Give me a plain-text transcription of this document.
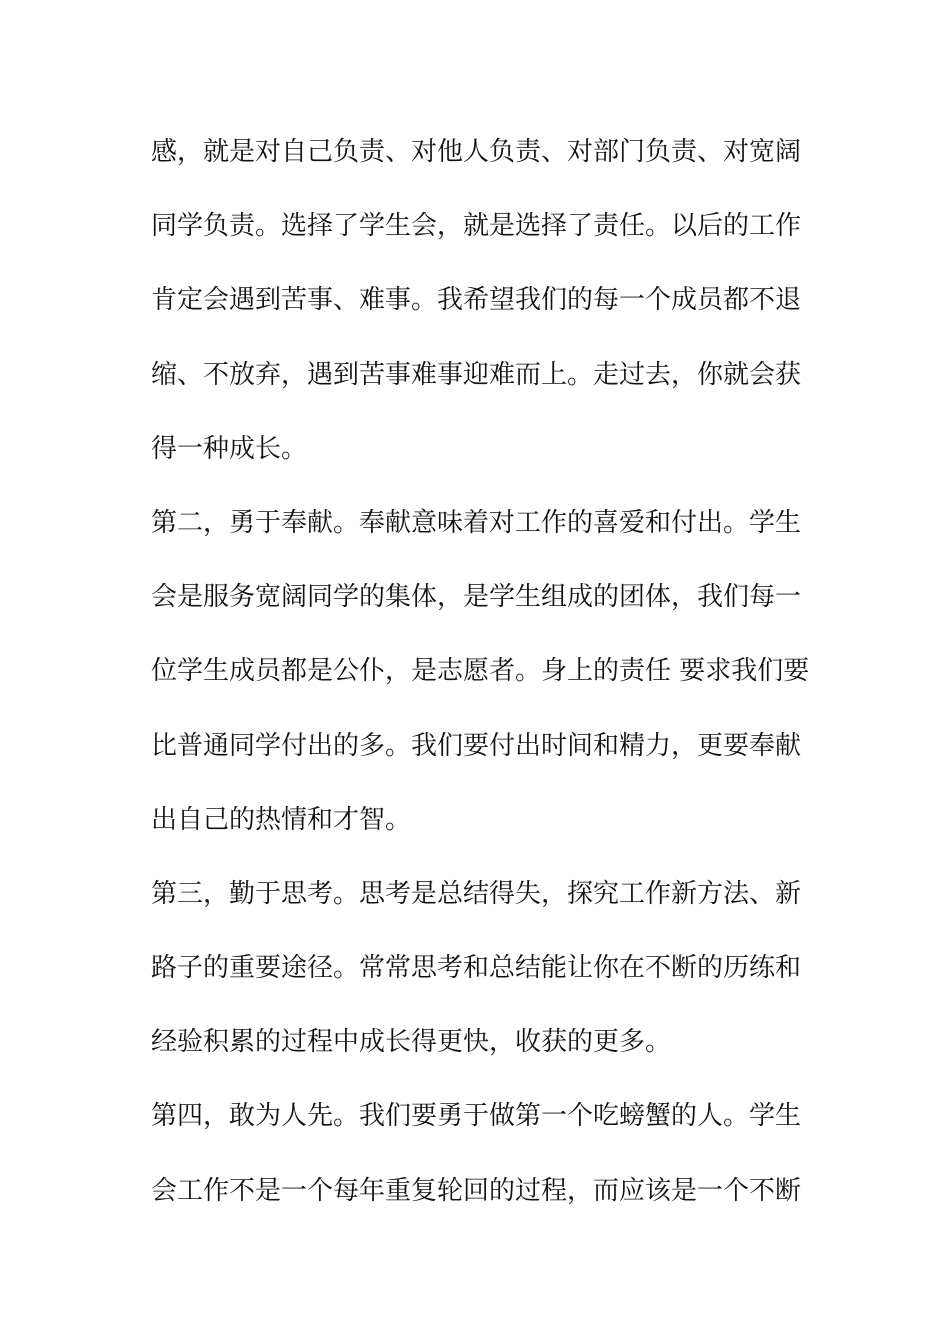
感，就是对自己负责、对他人负责、对部门负责、对宽阔
同学负责。选择了学生会，就是选择了责任。以后的工作
肯定会遇到苦事、难事。我希望我们的每一个成员都不退
缩、不放弃，遇到苦事难事迎难而上。走过去，你就会获
得一种成长。
第二，勇于奉献。奉献意味着对工作的喜爱和付出。学生
会是服务宽阔同学的集体，是学生组成的团体，我们每一
位学生成员都是公仆，是志愿者。身上的责任 要求我们要
比普通同学付出的多。我们要付出时间和精力，更要奉献
出自己的热情和才智。
第三，勤于思考。思考是总结得失，探究工作新方法、新
路子的重要途径。常常思考和总结能让你在不断的历练和
经验积累的过程中成长得更快，收获的更多。
第四，敢为人先。我们要勇于做第一个吃螃蟹的人。学生
会工作不是一个每年重复轮回的过程，而应该是一个不断
